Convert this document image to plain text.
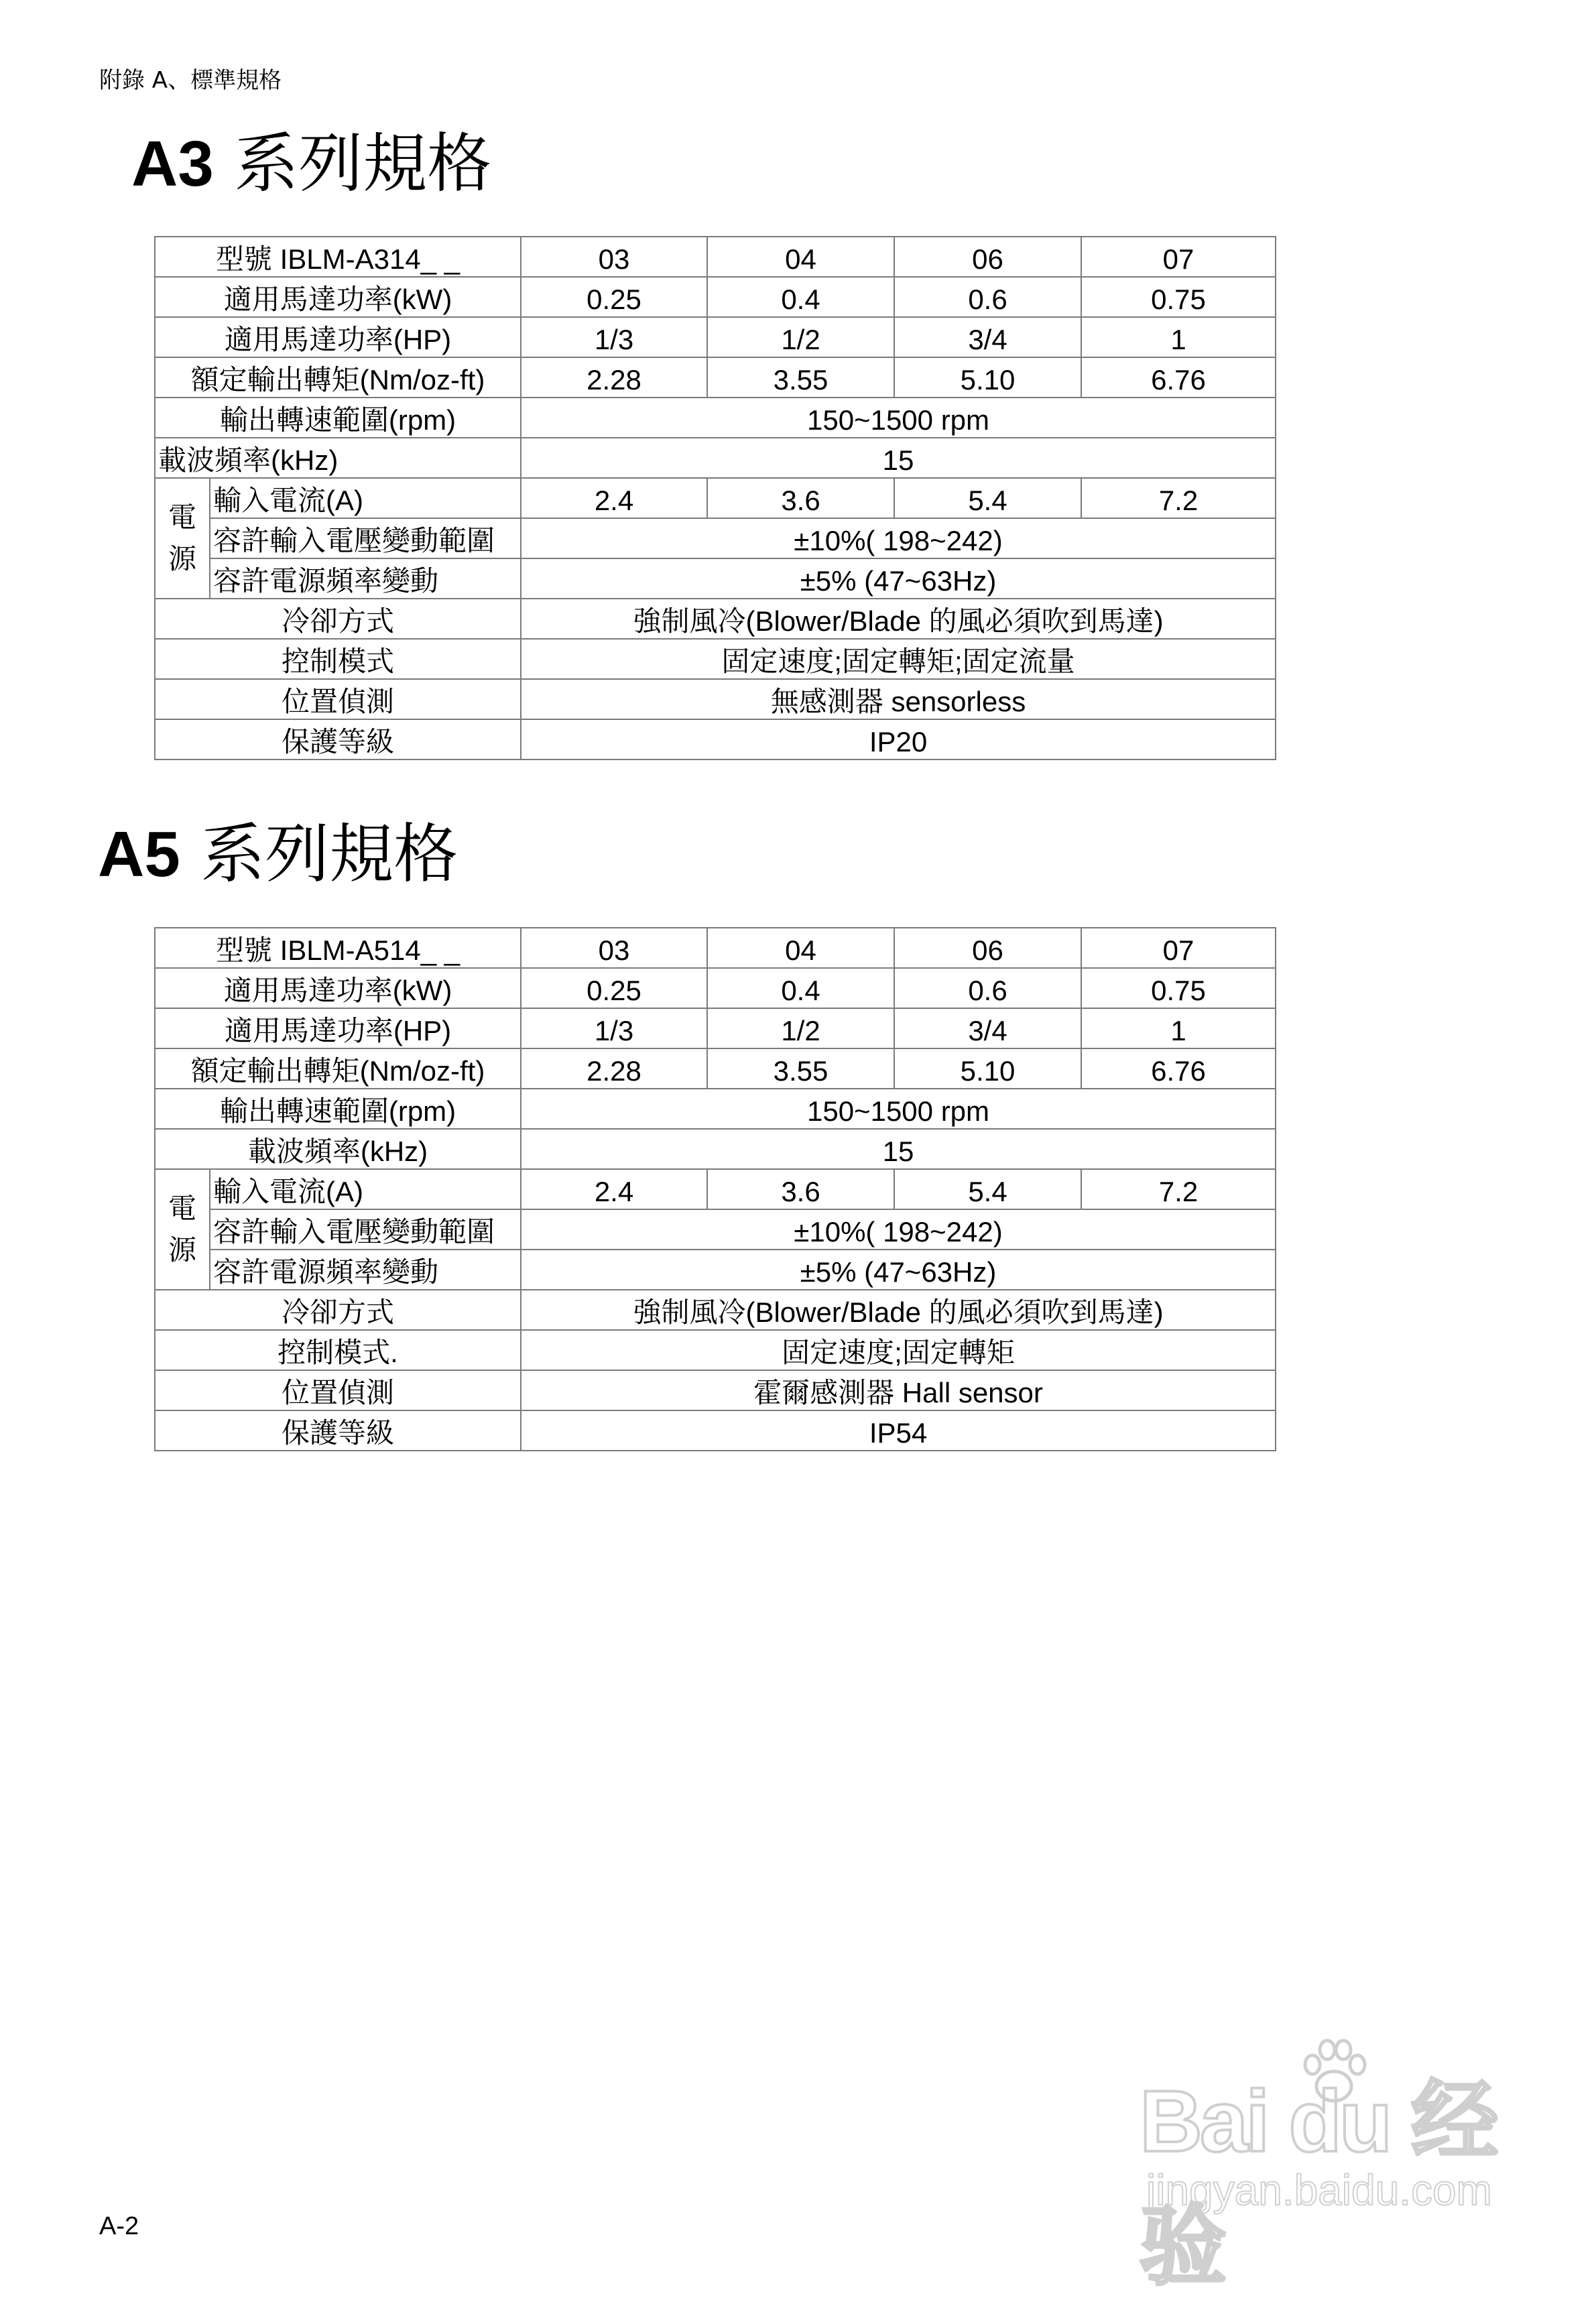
附錄 A、標準規格
A3 系列規格
型號 IBLM-A314_ _		03	04	06	07
適用馬達功率(kW)		0.25	0.4	0.6	0.75
適用馬達功率(HP)		1/3	1/2	3/4	1
額定輸出轉矩(Nm/oz-ft)		2.28	3.55	5.10	6.76
輸出轉速範圍(rpm)		150~1500 rpm			
載波頻率(kHz)		15			

電
源	輸入電流(A)	2.4	3.6	5.4	7.2
	容許輸入電壓變動範圍	±10%( 198~242)			
	容許電源頻率變動	±5% (47~63Hz)			
冷卻方式		強制風冷(Blower/Blade 的風必須吹到馬達)			
控制模式		固定速度;固定轉矩;固定流量			
位置偵測		無感測器 sensorless			
保護等級		IP20			
A5 系列規格
型號 IBLM-A514_ _		03	04	06	07
適用馬達功率(kW)		0.25	0.4	0.6	0.75
適用馬達功率(HP)		1/3	1/2	3/4	1
額定輸出轉矩(Nm/oz-ft)		2.28	3.55	5.10	6.76
輸出轉速範圍(rpm)		150~1500 rpm			
載波頻率(kHz)		15			

電
源	輸入電流(A)	2.4	3.6	5.4	7.2
	容許輸入電壓變動範圍	±10%( 198~242)			
	容許電源頻率變動	±5% (47~63Hz)			
冷卻方式		強制風冷(Blower/Blade 的風必須吹到馬達)			
控制模式.		固定速度;固定轉矩			
位置偵測		霍爾感測器 Hall sensor			
保護等級		IP54			
A-2
Bai du 经验
jingyan.baidu.com
